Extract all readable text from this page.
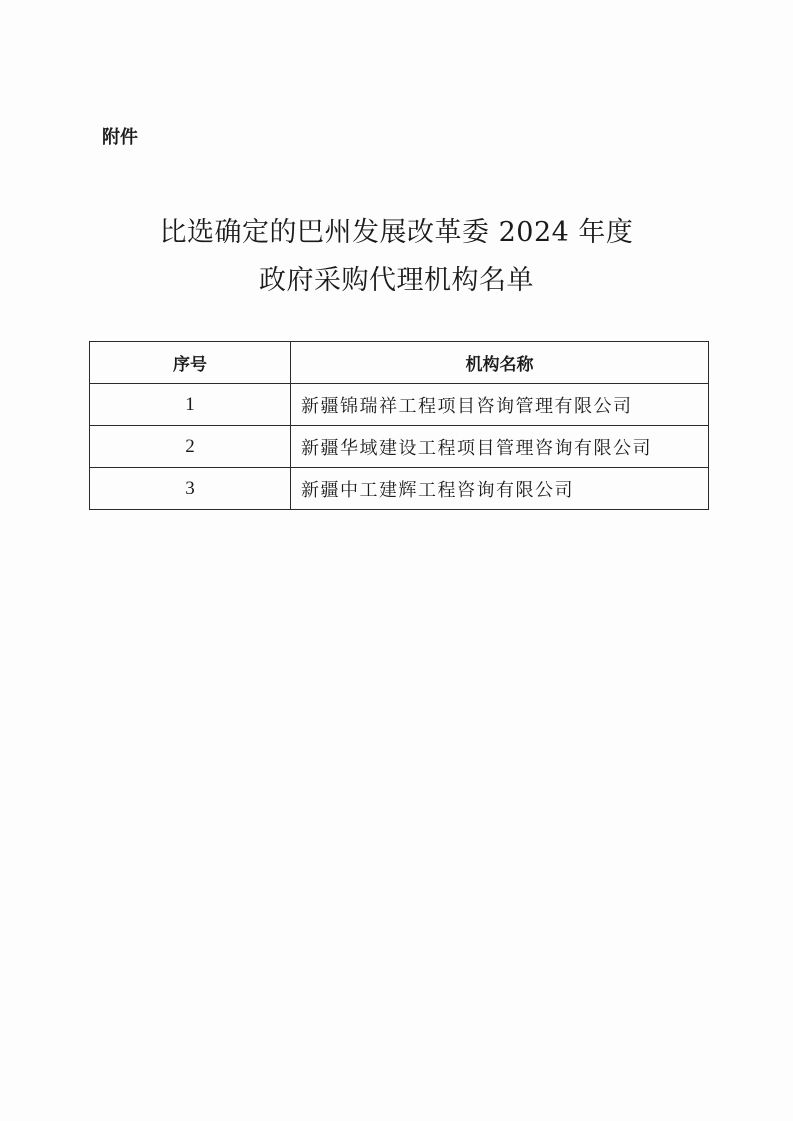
附件
比选确定的巴州发展改革委 2024 年度
政府采购代理机构名单
序号	机构名称
1	新疆锦瑞祥工程项目咨询管理有限公司
2	新疆华域建设工程项目管理咨询有限公司
3	新疆中工建辉工程咨询有限公司
